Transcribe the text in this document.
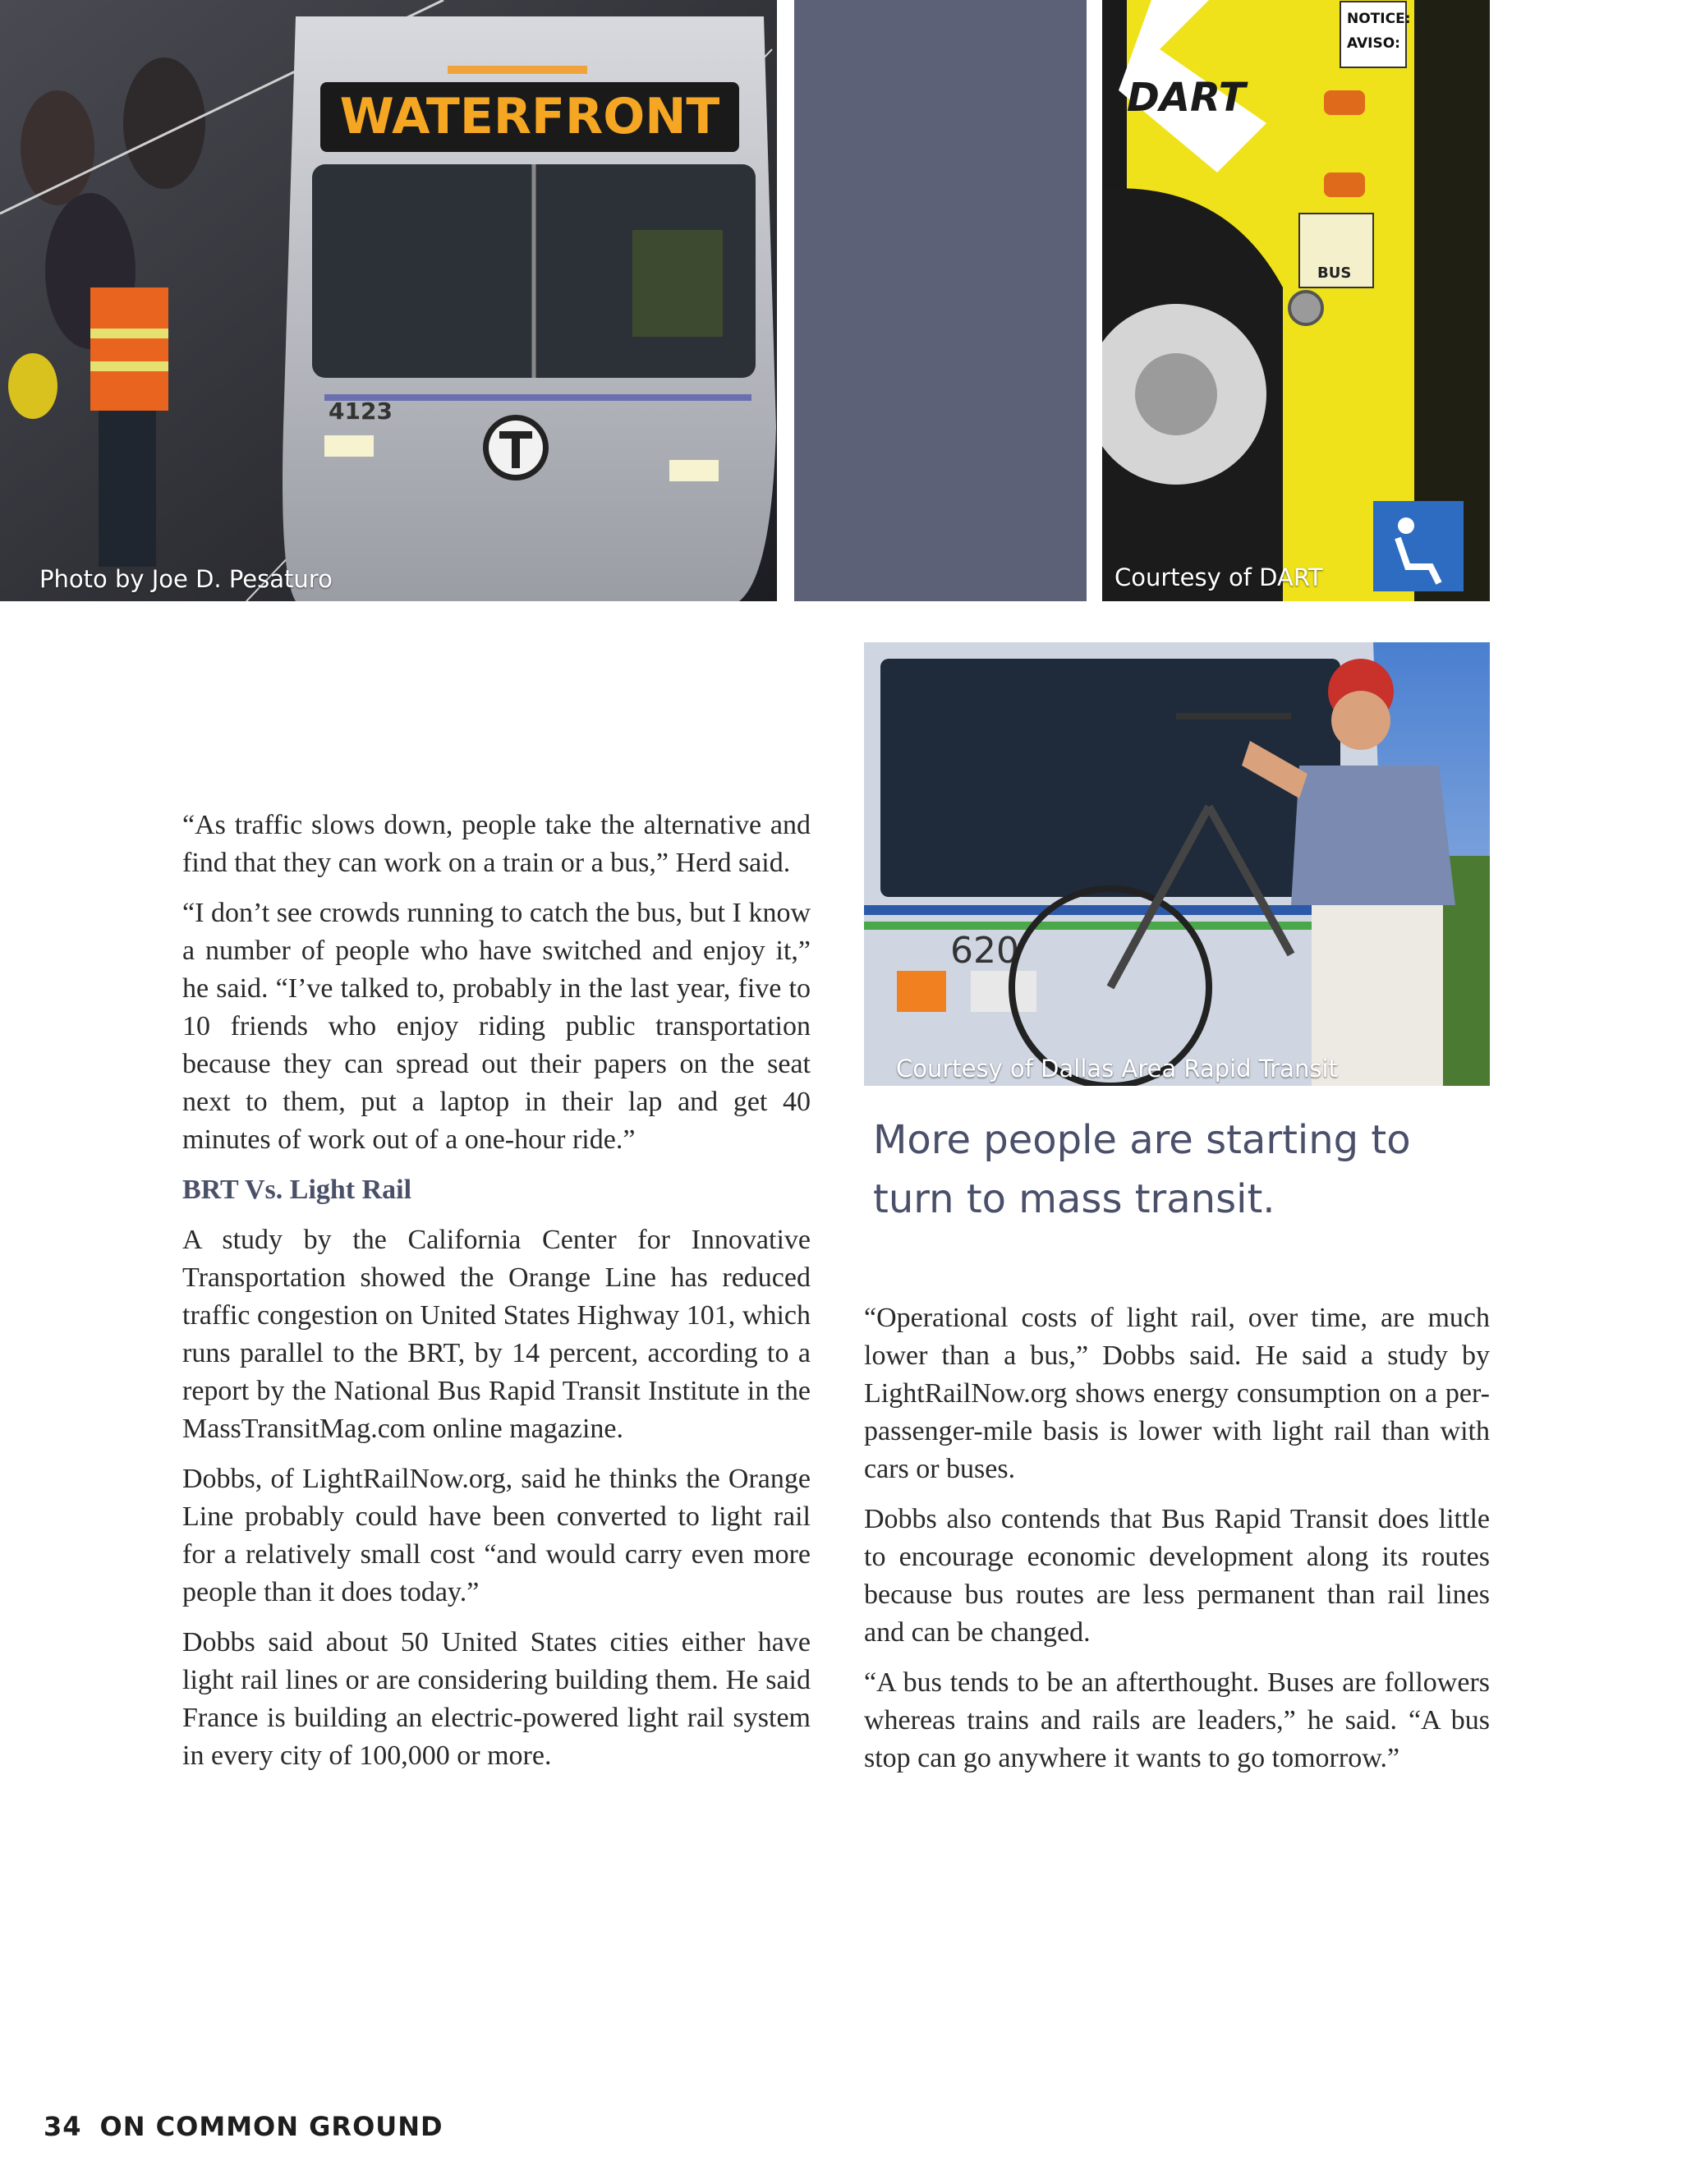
WATERFRONT
4123
Photo by Joe D. Pesaturo
DART
NOTICE:
AVISO:
BUS
Courtesy of DART
620
Courtesy of Dallas Area Rapid Transit
More people are starting to turn to mass transit.

“As traffic slows down, people take the alternative and find that they can work on a train or a bus,” Herd said.

“I don’t see crowds running to catch the bus, but I know a number of people who have switched and enjoy it,” he said. “I’ve talked to, probably in the last year, five to 10 friends who enjoy riding public transportation because they can spread out their papers on the seat next to them, put a laptop in their lap and get 40 minutes of work out of a one-hour ride.”

BRT Vs. Light Rail

A study by the California Center for Innovative Transportation showed the Orange Line has reduced traffic congestion on United States Highway 101, which runs parallel to the BRT, by 14 percent, according to a report by the National Bus Rapid Transit Institute in the MassTransitMag.com online magazine.

Dobbs, of LightRailNow.org, said he thinks the Orange Line probably could have been converted to light rail for a relatively small cost “and would carry even more people than it does today.”

Dobbs said about 50 United States cities either have light rail lines or are considering building them. He said France is building an electric-powered light rail system in every city of 100,000 or more.

“Operational costs of light rail, over time, are much lower than a bus,” Dobbs said. He said a study by LightRailNow.org shows energy consumption on a per-passenger-mile basis is lower with light rail than with cars or buses.

Dobbs also contends that Bus Rapid Transit does little to encourage economic development along its routes because bus routes are less permanent than rail lines and can be changed.

“A bus tends to be an afterthought. Buses are followers whereas trains and rails are leaders,” he said. “A bus stop can go anywhere it wants to go tomorrow.”

34 ON COMMON GROUND
